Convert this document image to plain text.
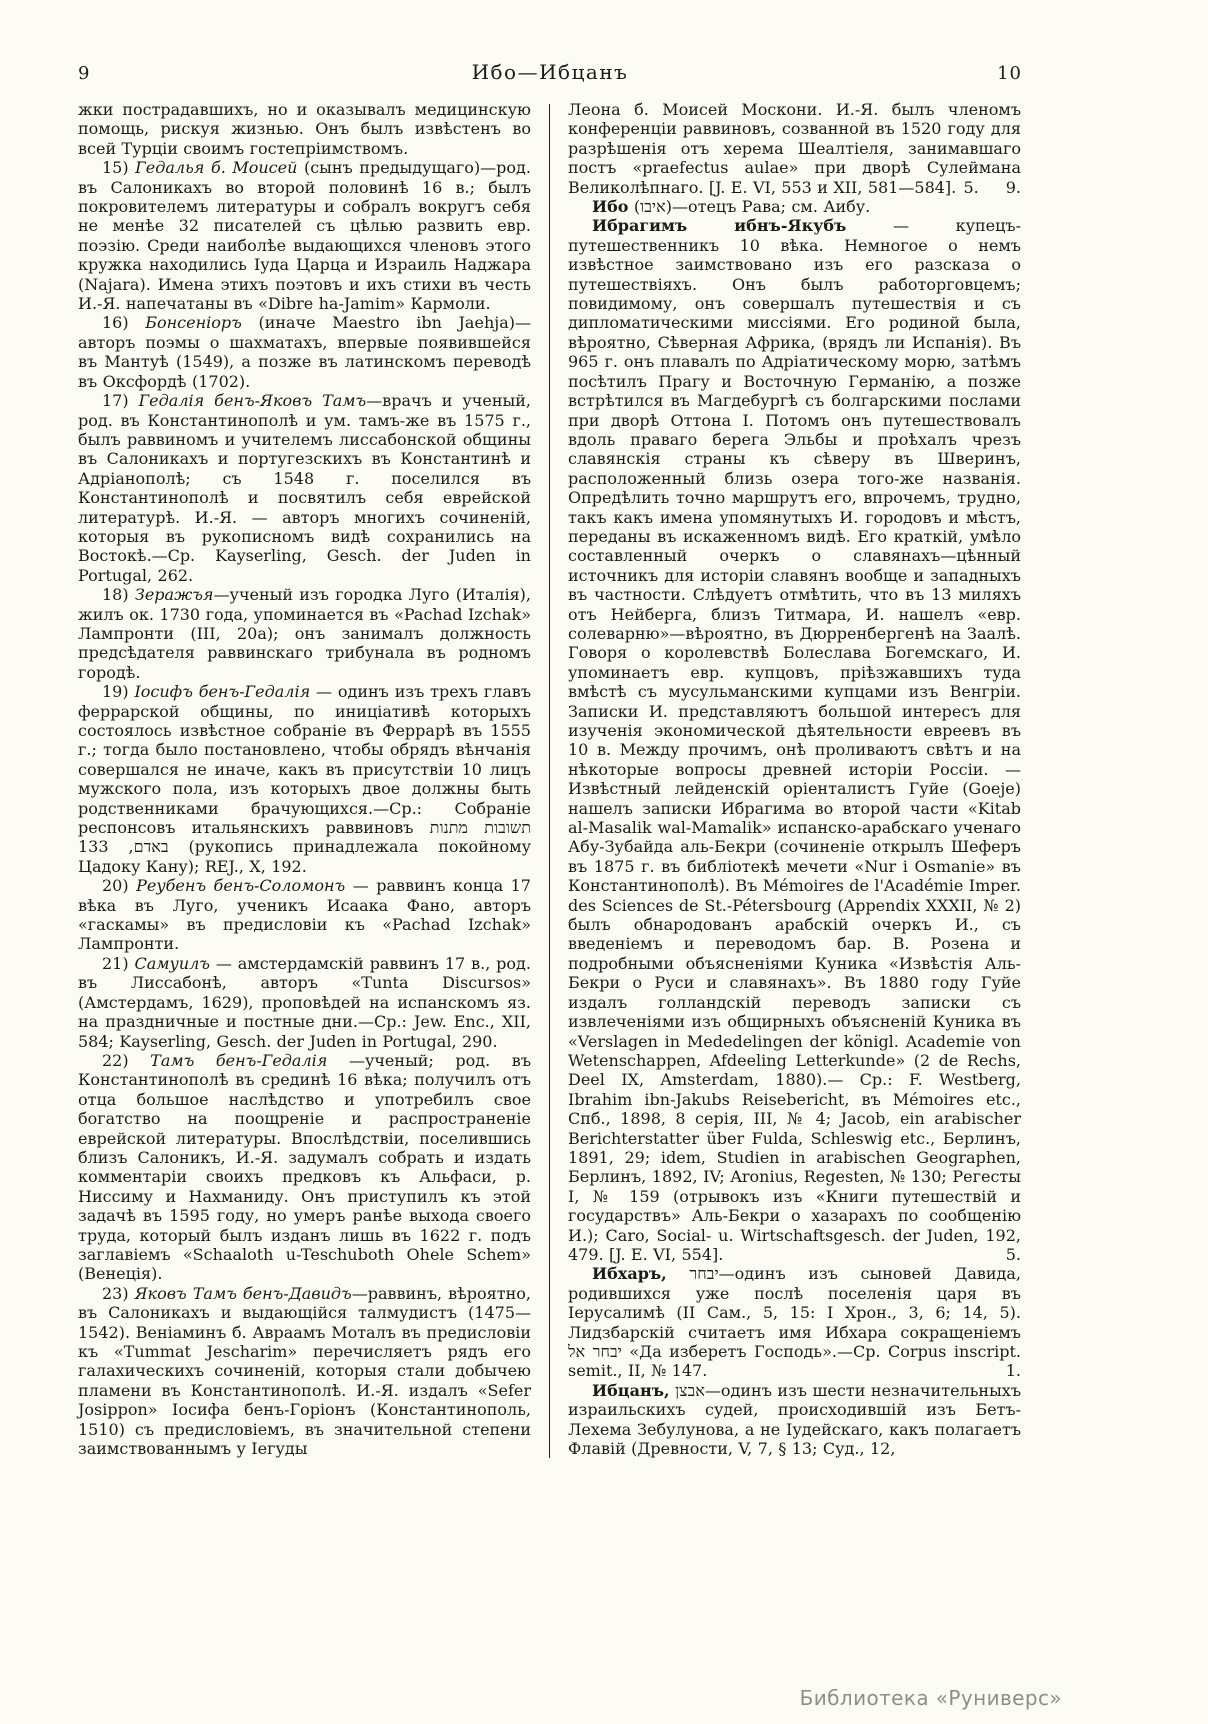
9	Ибо—Ибцанъ	10

жки пострадавшихъ, но и оказывалъ медицинскую помощь, рискуя жизнью. Онъ былъ извѣстенъ во всей Турціи своимъ гостепріимствомъ.

15) Гедалья б. Моисей (сынъ предыдущаго)—род. въ Салоникахъ во второй половинѣ 16 в.; былъ покровителемъ литературы и собралъ вокругъ себя не менѣе 32 писателей съ цѣлью развить евр. поэзію. Среди наиболѣе выдающихся членовъ этого кружка находились Іуда Царца и Израиль Наджара (Najara). Имена этихъ поэтовъ и ихъ стихи въ честь И.-Я. напечатаны въ «Dibre ha-Jamim» Кармоли.

16) Бонсеніоръ (иначе Maestro ibn Jaehja)—авторъ поэмы о шахматахъ, впервые появившейся въ Мантуѣ (1549), а позже въ латинскомъ переводѣ въ Оксфордѣ (1702).

17) Гедалія бенъ-Яковъ Тамъ—врачъ и ученый, род. въ Константинополѣ и ум. тамъ-же въ 1575 г., былъ раввиномъ и учителемъ лиссабонской общины въ Салоникахъ и португезскихъ въ Константинѣ и Адріанополѣ; съ 1548 г. поселился въ Константинополѣ и посвятилъ себя еврейской литературѣ. И.-Я. — авторъ многихъ сочиненій, которыя въ рукописномъ видѣ сохранились на Востокѣ.—Ср. Kayserling, Gesch. der Juden in Portugal, 262.

18) Зеражъя—ученый изъ городка Луго (Италія), жилъ ок. 1730 года, упоминается въ «Pachad Izchak» Лампронти (III, 20а); онъ занималъ должность предсѣдателя раввинскаго трибунала въ родномъ городѣ.

19) Іосифъ бенъ-Гедалія — одинъ изъ трехъ главъ феррарской общины, по иниціативѣ которыхъ состоялось извѣстное собраніе въ Феррарѣ въ 1555 г.; тогда было постановлено, чтобы обрядъ вѣнчанія совершался не иначе, какъ въ присутствіи 10 лицъ мужского пола, изъ которыхъ двое должны быть родственниками брачующихся.—Ср.: Собраніе респонсовъ итальянскихъ раввиновъ תשובות מתנות באדם, 133 (рукопись принадлежала покойному Цадоку Кану); REJ., X, 192.

20) Реубенъ бенъ-Соломонъ — раввинъ конца 17 вѣка въ Луго, ученикъ Исаака Фано, авторъ «гаскамы» въ предисловіи къ «Pachad Izchak» Лампронти.

21) Самуилъ — амстердамскій раввинъ 17 в., род. въ Лиссабонѣ, авторъ «Tunta Discursos» (Амстердамъ, 1629), проповѣдей на испанскомъ яз. на праздничные и постные дни.—Ср.: Jew. Enc., XII, 584; Kayserling, Gesch. der Juden in Portugal, 290.

22) Тамъ бенъ-Гедалія —ученый; род. въ Константинополѣ въ срединѣ 16 вѣка; получилъ отъ отца большое наслѣдство и употребилъ свое богатство на поощреніе и распространеніе еврейской литературы. Впослѣдствіи, поселившись близъ Салоникъ, И.-Я. задумалъ собрать и издать комментаріи своихъ предковъ къ Альфаси, р. Ниссиму и Нахманиду. Онъ приступилъ къ этой задачѣ въ 1595 году, но умеръ ранѣе выхода своего труда, который былъ изданъ лишь въ 1622 г. подъ заглавіемъ «Schaaloth u-Teschuboth Ohele Schem» (Венеція).

23) Яковъ Тамъ бенъ-Давидъ—раввинъ, вѣроятно, въ Салоникахъ и выдающійся талмудистъ (1475—1542). Веніаминъ б. Авраамъ Моталъ въ предисловіи къ «Tummat Jescharim» перечисляетъ рядъ его галахическихъ сочиненій, которыя стали добычею пламени въ Константинополѣ. И.-Я. издалъ «Sefer Josippon» Іосифа бенъ-Горіонъ (Константинополь, 1510) съ предисловіемъ, въ значительной степени заимствованнымъ у Іегуды

Леона б. Моисей Москони. И.-Я. былъ членомъ конференціи раввиновъ, созванной въ 1520 году для разрѣшенія отъ херема Шеалтіеля, занимавшаго постъ «praefectus aulae» при дворѣ Сулеймана Великолѣпнаго. [J. E. VI, 553 и XII, 581—584]. 5.     9.

Ибо (איבו)—отецъ Рава; см. Аибу.

Ибрагимъ ибнъ-Якубъ — купецъ-путешественникъ 10 вѣка. Немногое о немъ извѣстное заимствовано изъ его разсказа о путешествіяхъ. Онъ былъ работорговцемъ; повидимому, онъ совершалъ путешествія и съ дипломатическими миссіями. Его родиной была, вѣроятно, Сѣверная Африка, (врядъ ли Испанія). Въ 965 г. онъ плавалъ по Адріатическому морю, затѣмъ посѣтилъ Прагу и Восточную Германію, а позже встрѣтился въ Магдебургѣ съ болгарскими послами при дворѣ Оттона I. Потомъ онъ путешествовалъ вдоль праваго берега Эльбы и проѣхалъ чрезъ славянскія страны къ сѣверу въ Шверинъ, расположенный близь озера того-же названія. Опредѣлить точно маршрутъ его, впрочемъ, трудно, такъ какъ имена упомянутыхъ И. городовъ и мѣстъ, переданы въ искаженномъ видѣ. Его краткій, умѣло составленный очеркъ о славянахъ—цѣнный источникъ для исторіи славянъ вообще и западныхъ въ частности. Слѣдуетъ отмѣтить, что въ 13 миляхъ отъ Нейберга, близъ Титмара, И. нашелъ «евр. солеварню»—вѣроятно, въ Дюрренбергенѣ на Заалѣ. Говоря о королевствѣ Болеслава Богемскаго, И. упоминаетъ евр. купцовъ, пріѣзжавшихъ туда вмѣстѣ съ мусульманскими купцами изъ Венгріи. Записки И. представляютъ большой интересъ для изученія экономической дѣятельности евреевъ въ 10 в. Между прочимъ, онѣ проливаютъ свѣтъ и на нѣкоторые вопросы древней исторіи Россіи. — Извѣстный лейденскій оріенталистъ Гуйе (Goeje) нашелъ записки Ибрагима во второй части «Kitab al-Masalik wal-Mamalik» испанско-арабскаго ученаго Абу-Зубайда аль-Бекри (сочиненіе открылъ Шеферъ въ 1875 г. въ библіотекѣ мечети «Nur i Osmanie» въ Константинополѣ). Въ Mémoires de l'Académie Imper. des Sciences de St.-Pétersbourg (Appendix XXXII, № 2) былъ обнародованъ арабскій очеркъ И., съ введеніемъ и переводомъ бар. В. Розена и подробными объясненіями Куника «Извѣстія Аль-Бекри о Руси и славянахъ». Въ 1880 году Гуйе издалъ голландскій переводъ записки съ извлеченіями изъ общирныхъ объясненій Куника въ «Verslagen in Mededelingen der königl. Academie von Wetenschappen, Afdeeling Letterkunde» (2 de Rechs, Deel IX, Amsterdam, 1880).— Ср.: F. Westberg, Ibrahim ibn-Jakubs Reisebericht, въ Mémoires etc., Спб., 1898, 8 серія, III, № 4; Jacob, ein arabischer Berichterstatter über Fulda, Schleswig etc., Берлинъ, 1891, 29; idem, Studien in arabischen Geographen, Берлинъ, 1892, IV; Aronius, Regesten, № 130; Регесты I, № 159 (отрывокъ изъ «Книги путешествій и государствъ» Аль-Бекри о хазарахъ по сообщенію И.); Caro, Social- u. Wirtschaftsgesch. der Juden, 192, 479. [J. E. VI, 554].	5.

Ибхаръ, יבחר—одинъ изъ сыновей Давида, родившихся уже послѣ поселенія царя въ Іерусалимѣ (II Сам., 5, 15: I Хрон., 3, 6; 14, 5). Лидзбарскій считаетъ имя Ибхара сокращеніемъ יבחר אל «Да изберетъ Господь».—Ср. Corpus inscript. semit., II, № 147.	1.

Ибцанъ, אבצן—одинъ изъ шести незначительныхъ израильскихъ судей, происходившій изъ Бетъ-Лехема Зебулунова, а не Іудейскаго, какъ полагаетъ Флавій (Древности, V, 7, § 13; Суд., 12,

Библиотека «Руниверс»
